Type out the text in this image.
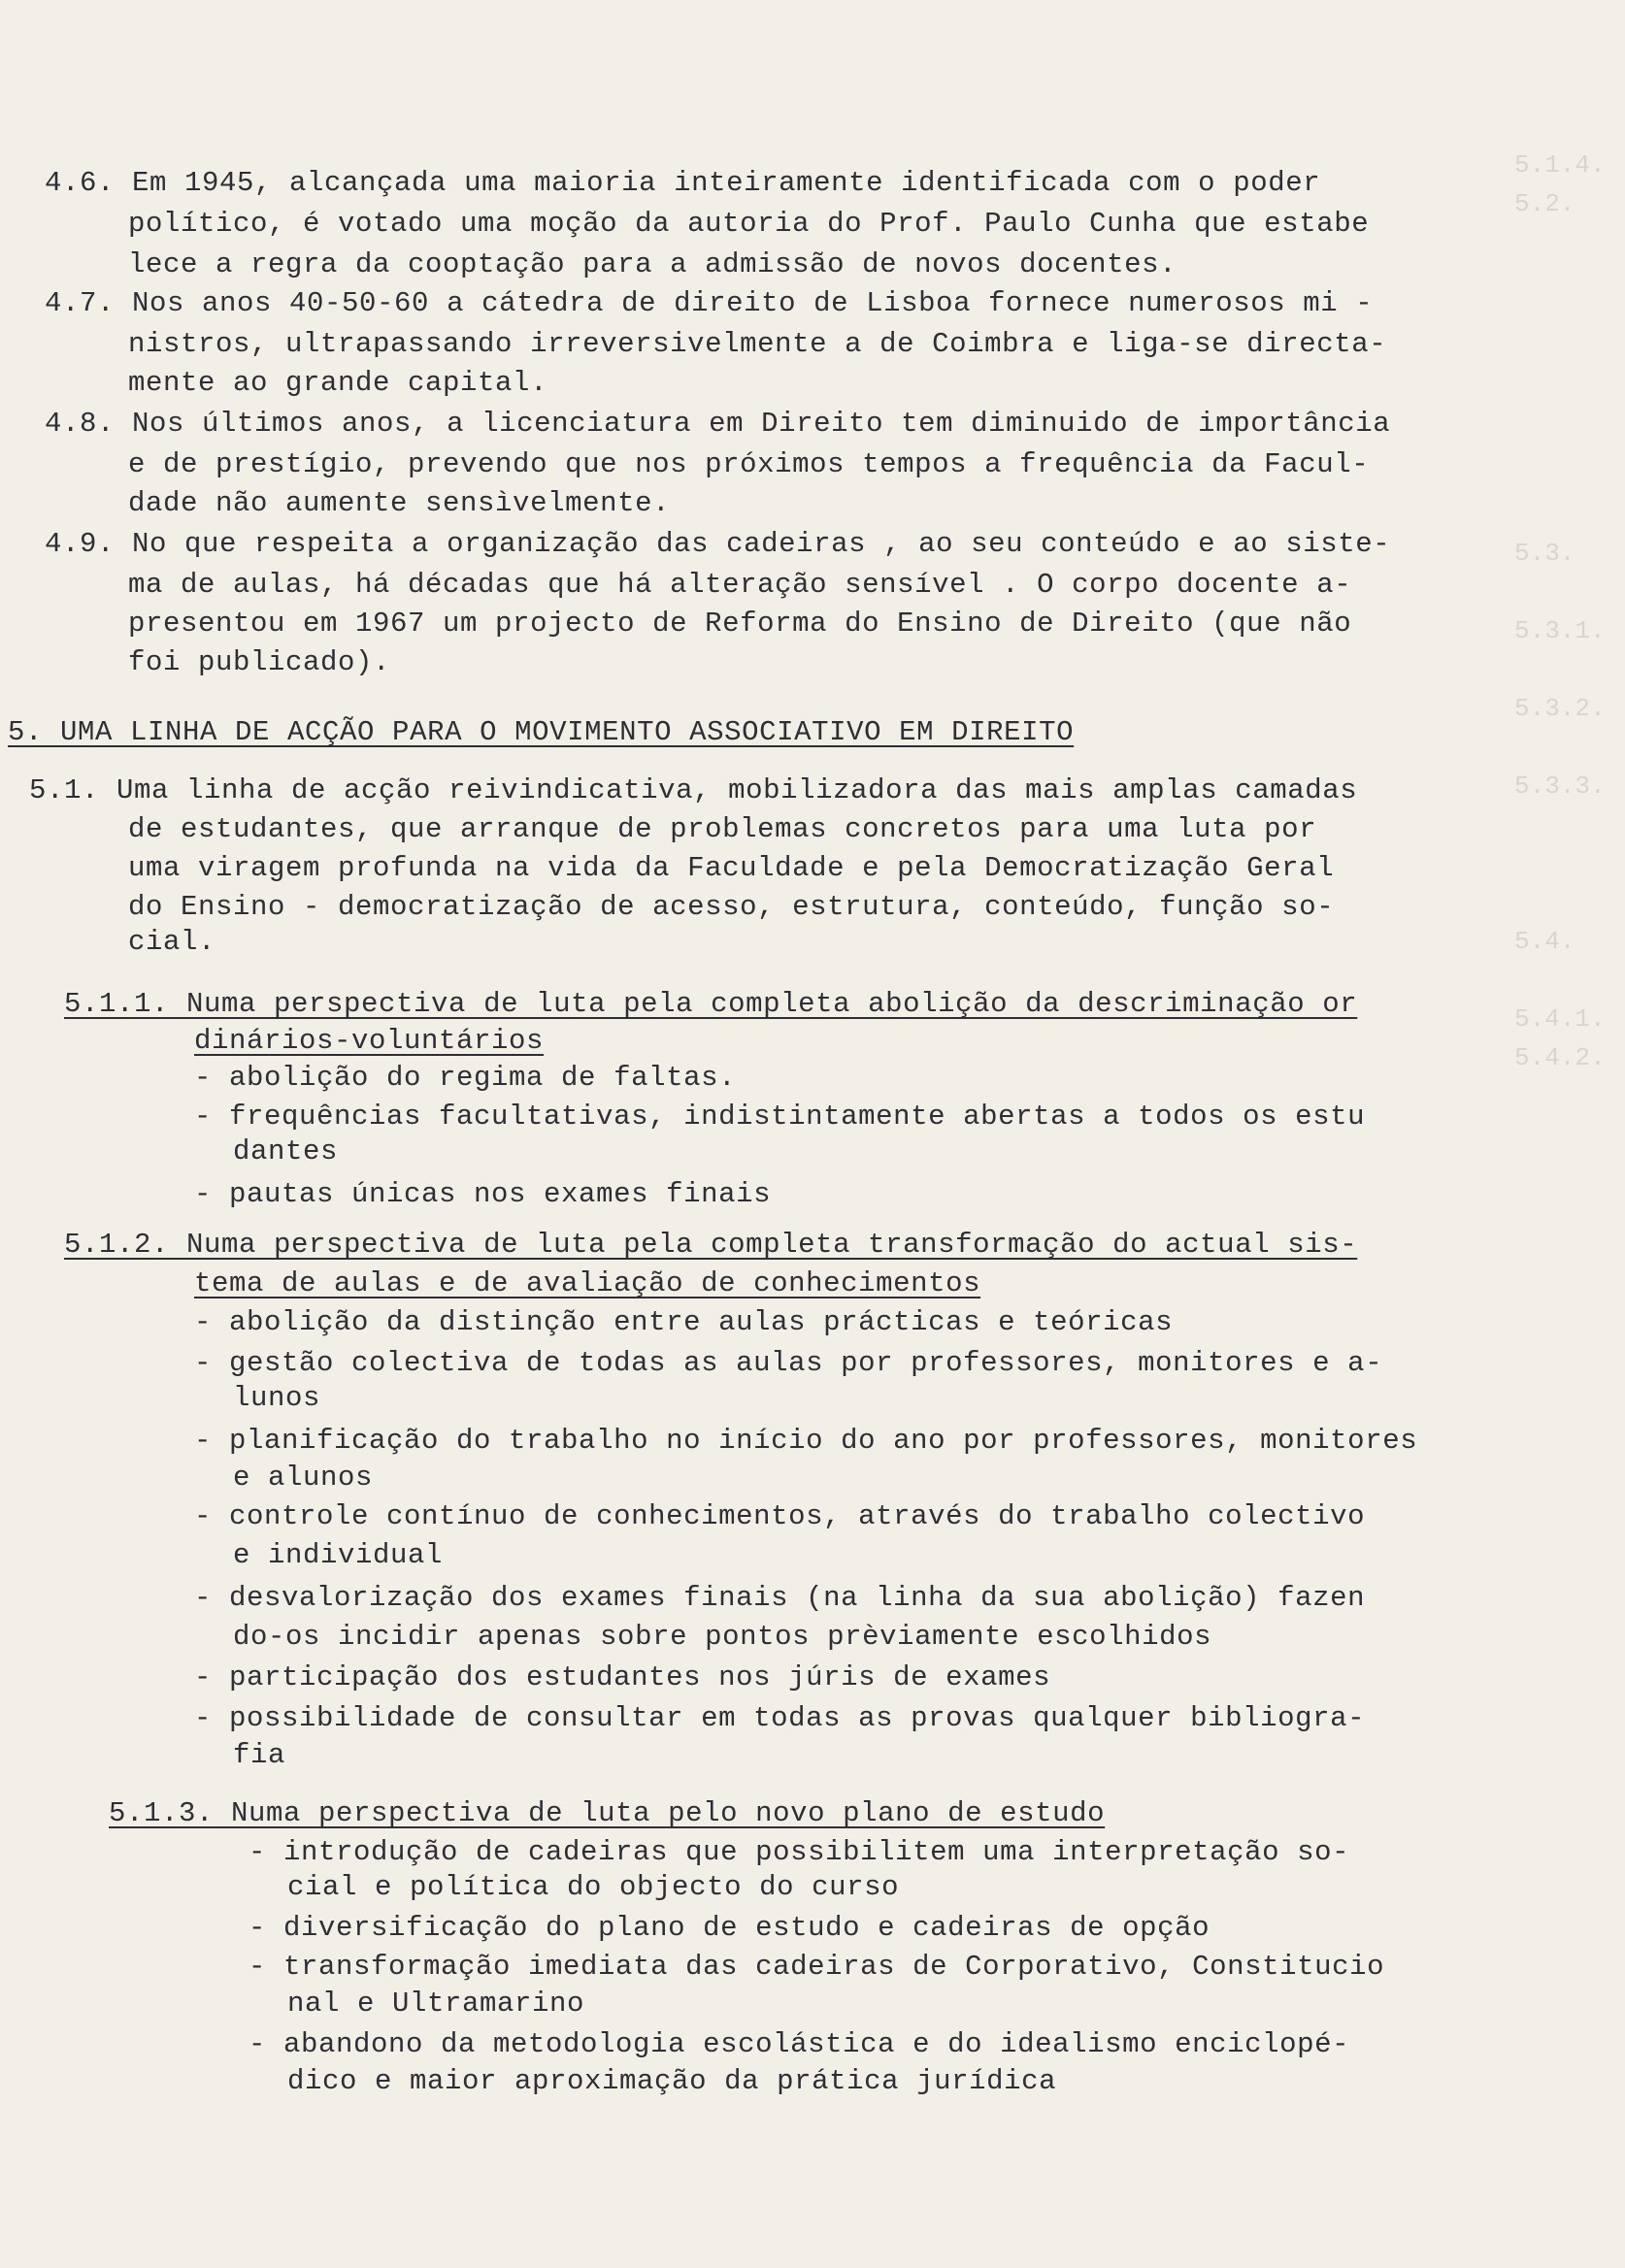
5.1.4.
5.2.

5.3.

5.3.1.

5.3.2.

5.3.3.

5.4.

5.4.1.
5.4.2.

4.6. Em 1945, alcançada uma maioria inteiramente identificada com o poder

político, é votado uma moção da autoria do Prof. Paulo Cunha que estabe

lece a regra da cooptação para a admissão de novos docentes.

4.7. Nos anos 40-50-60 a cátedra de direito de Lisboa fornece numerosos mi -

nistros, ultrapassando irreversivelmente a de Coimbra e liga-se directa-

mente ao grande capital.

4.8. Nos últimos anos, a licenciatura em Direito tem diminuido de importância

e de prestígio, prevendo que nos próximos tempos a frequência da Facul-

dade não aumente sensìvelmente.

4.9. No que respeita a organização das cadeiras , ao seu conteúdo e ao siste-

ma de aulas, há décadas que há alteração sensível . O corpo docente a-

presentou em 1967 um projecto de Reforma do Ensino de Direito (que não

foi publicado).

5. UMA LINHA DE ACÇÃO PARA O MOVIMENTO ASSOCIATIVO EM DIREITO

5.1. Uma linha de acção reivindicativa, mobilizadora das mais amplas camadas

de estudantes, que arranque de problemas concretos para uma luta por

uma viragem profunda na vida da Faculdade e pela Democratização Geral

do Ensino - democratização de acesso, estrutura, conteúdo, função so-

cial.

5.1.1. Numa perspectiva de luta pela completa abolição da descriminação or

dinários-voluntários

- abolição do regima de faltas.

- frequências facultativas, indistintamente abertas a todos os estu

dantes

- pautas únicas nos exames finais

5.1.2. Numa perspectiva de luta pela completa transformação do actual sis-

tema de aulas e de avaliação de conhecimentos

- abolição da distinção entre aulas prácticas e teóricas

- gestão colectiva de todas as aulas por professores, monitores e a-

lunos

- planificação do trabalho no início do ano por professores, monitores

e alunos

- controle contínuo de conhecimentos, através do trabalho colectivo

e individual

- desvalorização dos exames finais (na linha da sua abolição) fazen

do-os incidir apenas sobre pontos prèviamente escolhidos

- participação dos estudantes nos júris de exames

- possibilidade de consultar em todas as provas qualquer bibliogra-

fia

5.1.3. Numa perspectiva de luta pelo novo plano de estudo

- introdução de cadeiras que possibilitem uma interpretação so-

cial e política do objecto do curso

- diversificação do plano de estudo e cadeiras de opção

- transformação imediata das cadeiras de Corporativo, Constitucio

nal e Ultramarino

- abandono da metodologia escolástica e do idealismo enciclopé-

dico e maior aproximação da prática jurídica
